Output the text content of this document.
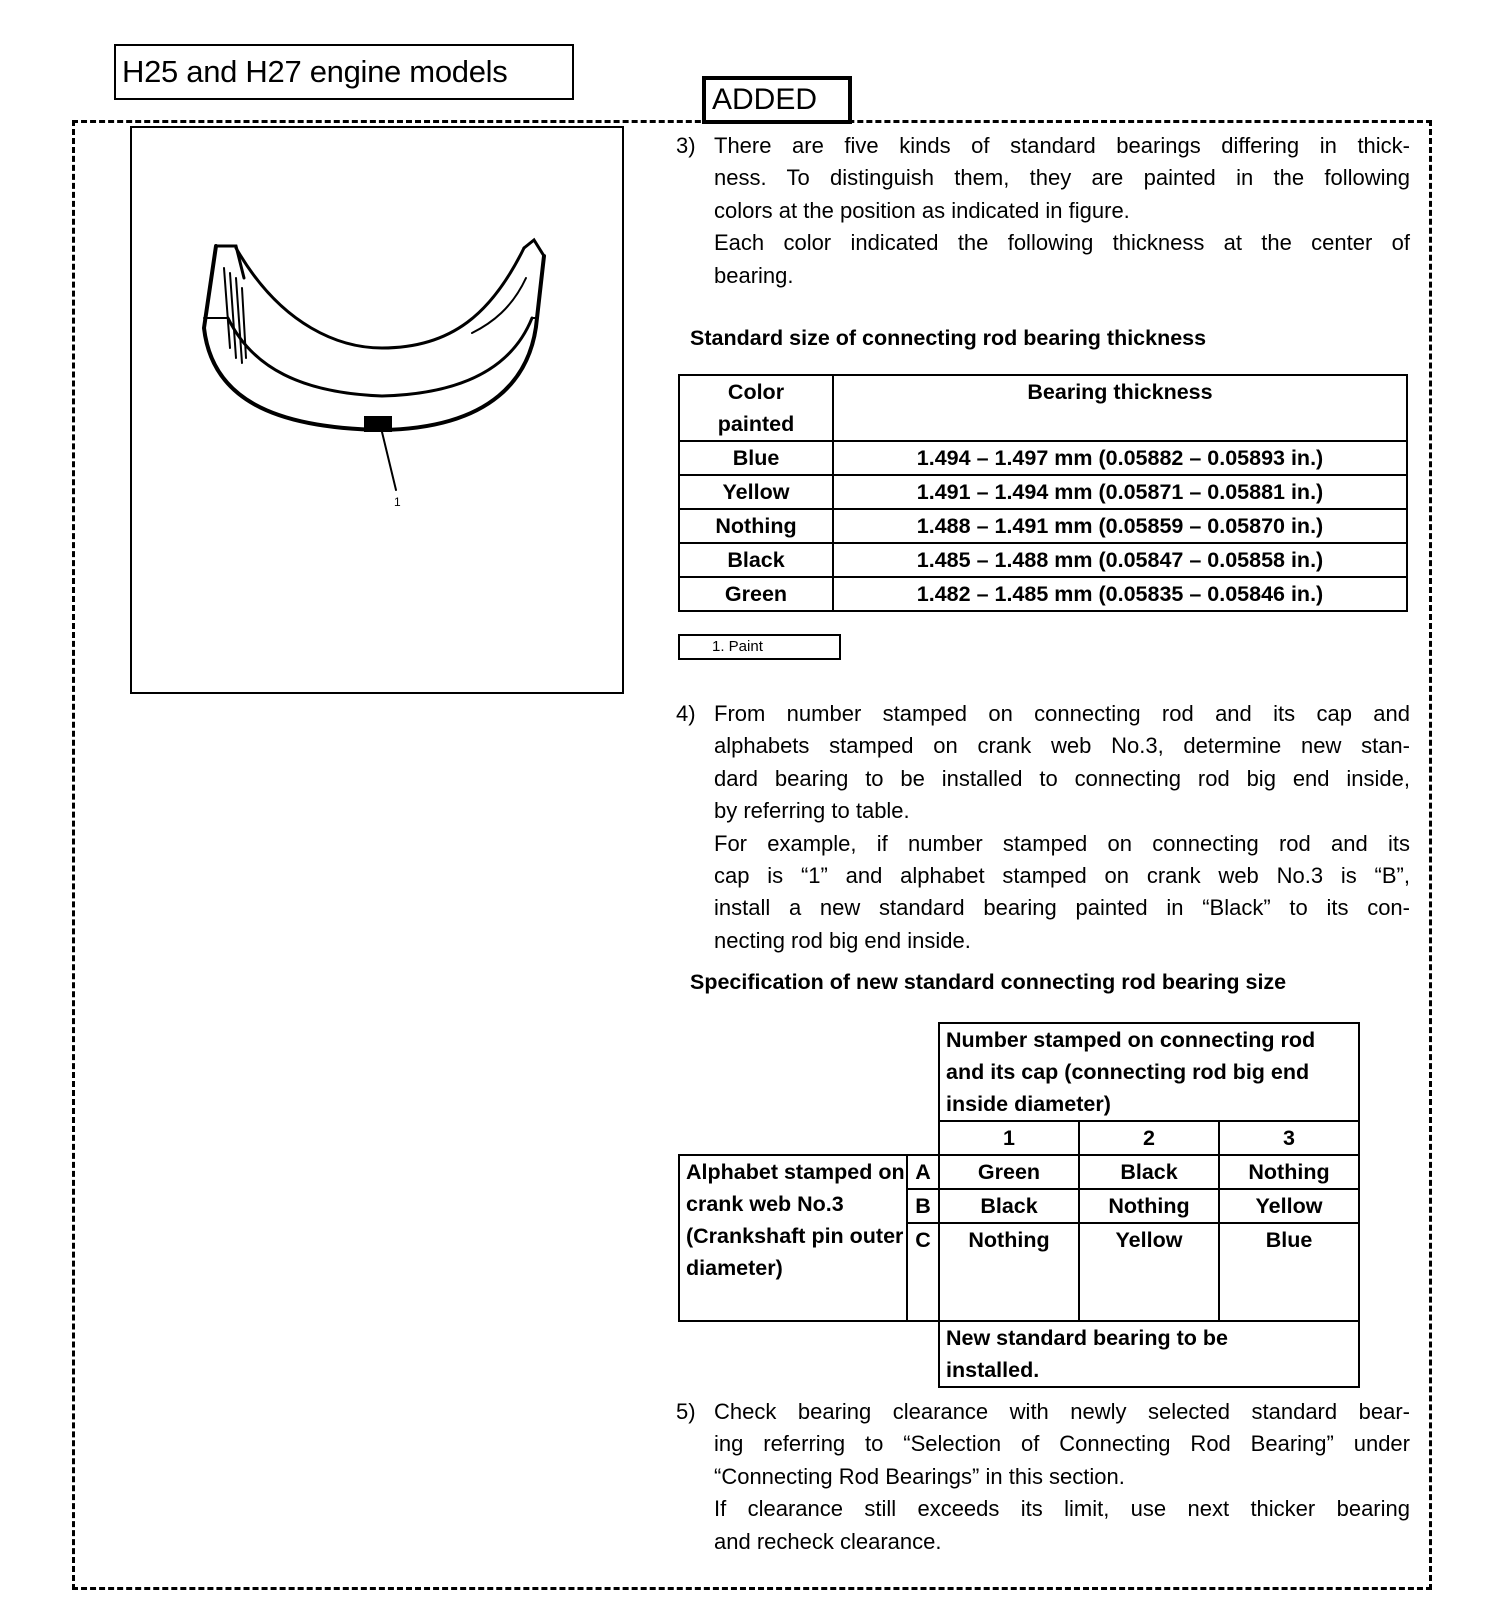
H25 and H27 engine models
ADDED
1
3) There are five kinds of standard bearings differing in thick-
ness. To distinguish them, they are painted in the following
colors at the position as indicated in figure.
Each color indicated the following thickness at the center of
bearing.
Standard size of connecting rod bearing thickness
Color painted	Bearing thickness
Blue	1.494 – 1.497 mm (0.05882 – 0.05893 in.)
Yellow	1.491 – 1.494 mm (0.05871 – 0.05881 in.)
Nothing	1.488 – 1.491 mm (0.05859 – 0.05870 in.)
Black	1.485 – 1.488 mm (0.05847 – 0.05858 in.)
Green	1.482 – 1.485 mm (0.05835 – 0.05846 in.)
1. Paint
4) From number stamped on connecting rod and its cap and
alphabets stamped on crank web No.3, determine new stan-
dard bearing to be installed to connecting rod big end inside,
by referring to table.
For example, if number stamped on connecting rod and its
cap is “1” and alphabet stamped on crank web No.3 is “B”,
install a new standard bearing painted in “Black” to its con-
necting rod big end inside.
Specification of new standard connecting rod bearing size
		Number stamped on connecting rod and its cap (connecting rod big end inside diameter)		
		1	2	3
Alphabet stamped on crank web No.3 (Crankshaft pin outer diameter)	A	Green	Black	Nothing
	B	Black	Nothing	Yellow
	C	Nothing	Yellow	Blue

		New standard bearing to be installed.		
5) Check bearing clearance with newly selected standard bear-
ing referring to “Selection of Connecting Rod Bearing” under
“Connecting Rod Bearings” in this section.
If clearance still exceeds its limit, use next thicker bearing
and recheck clearance.
